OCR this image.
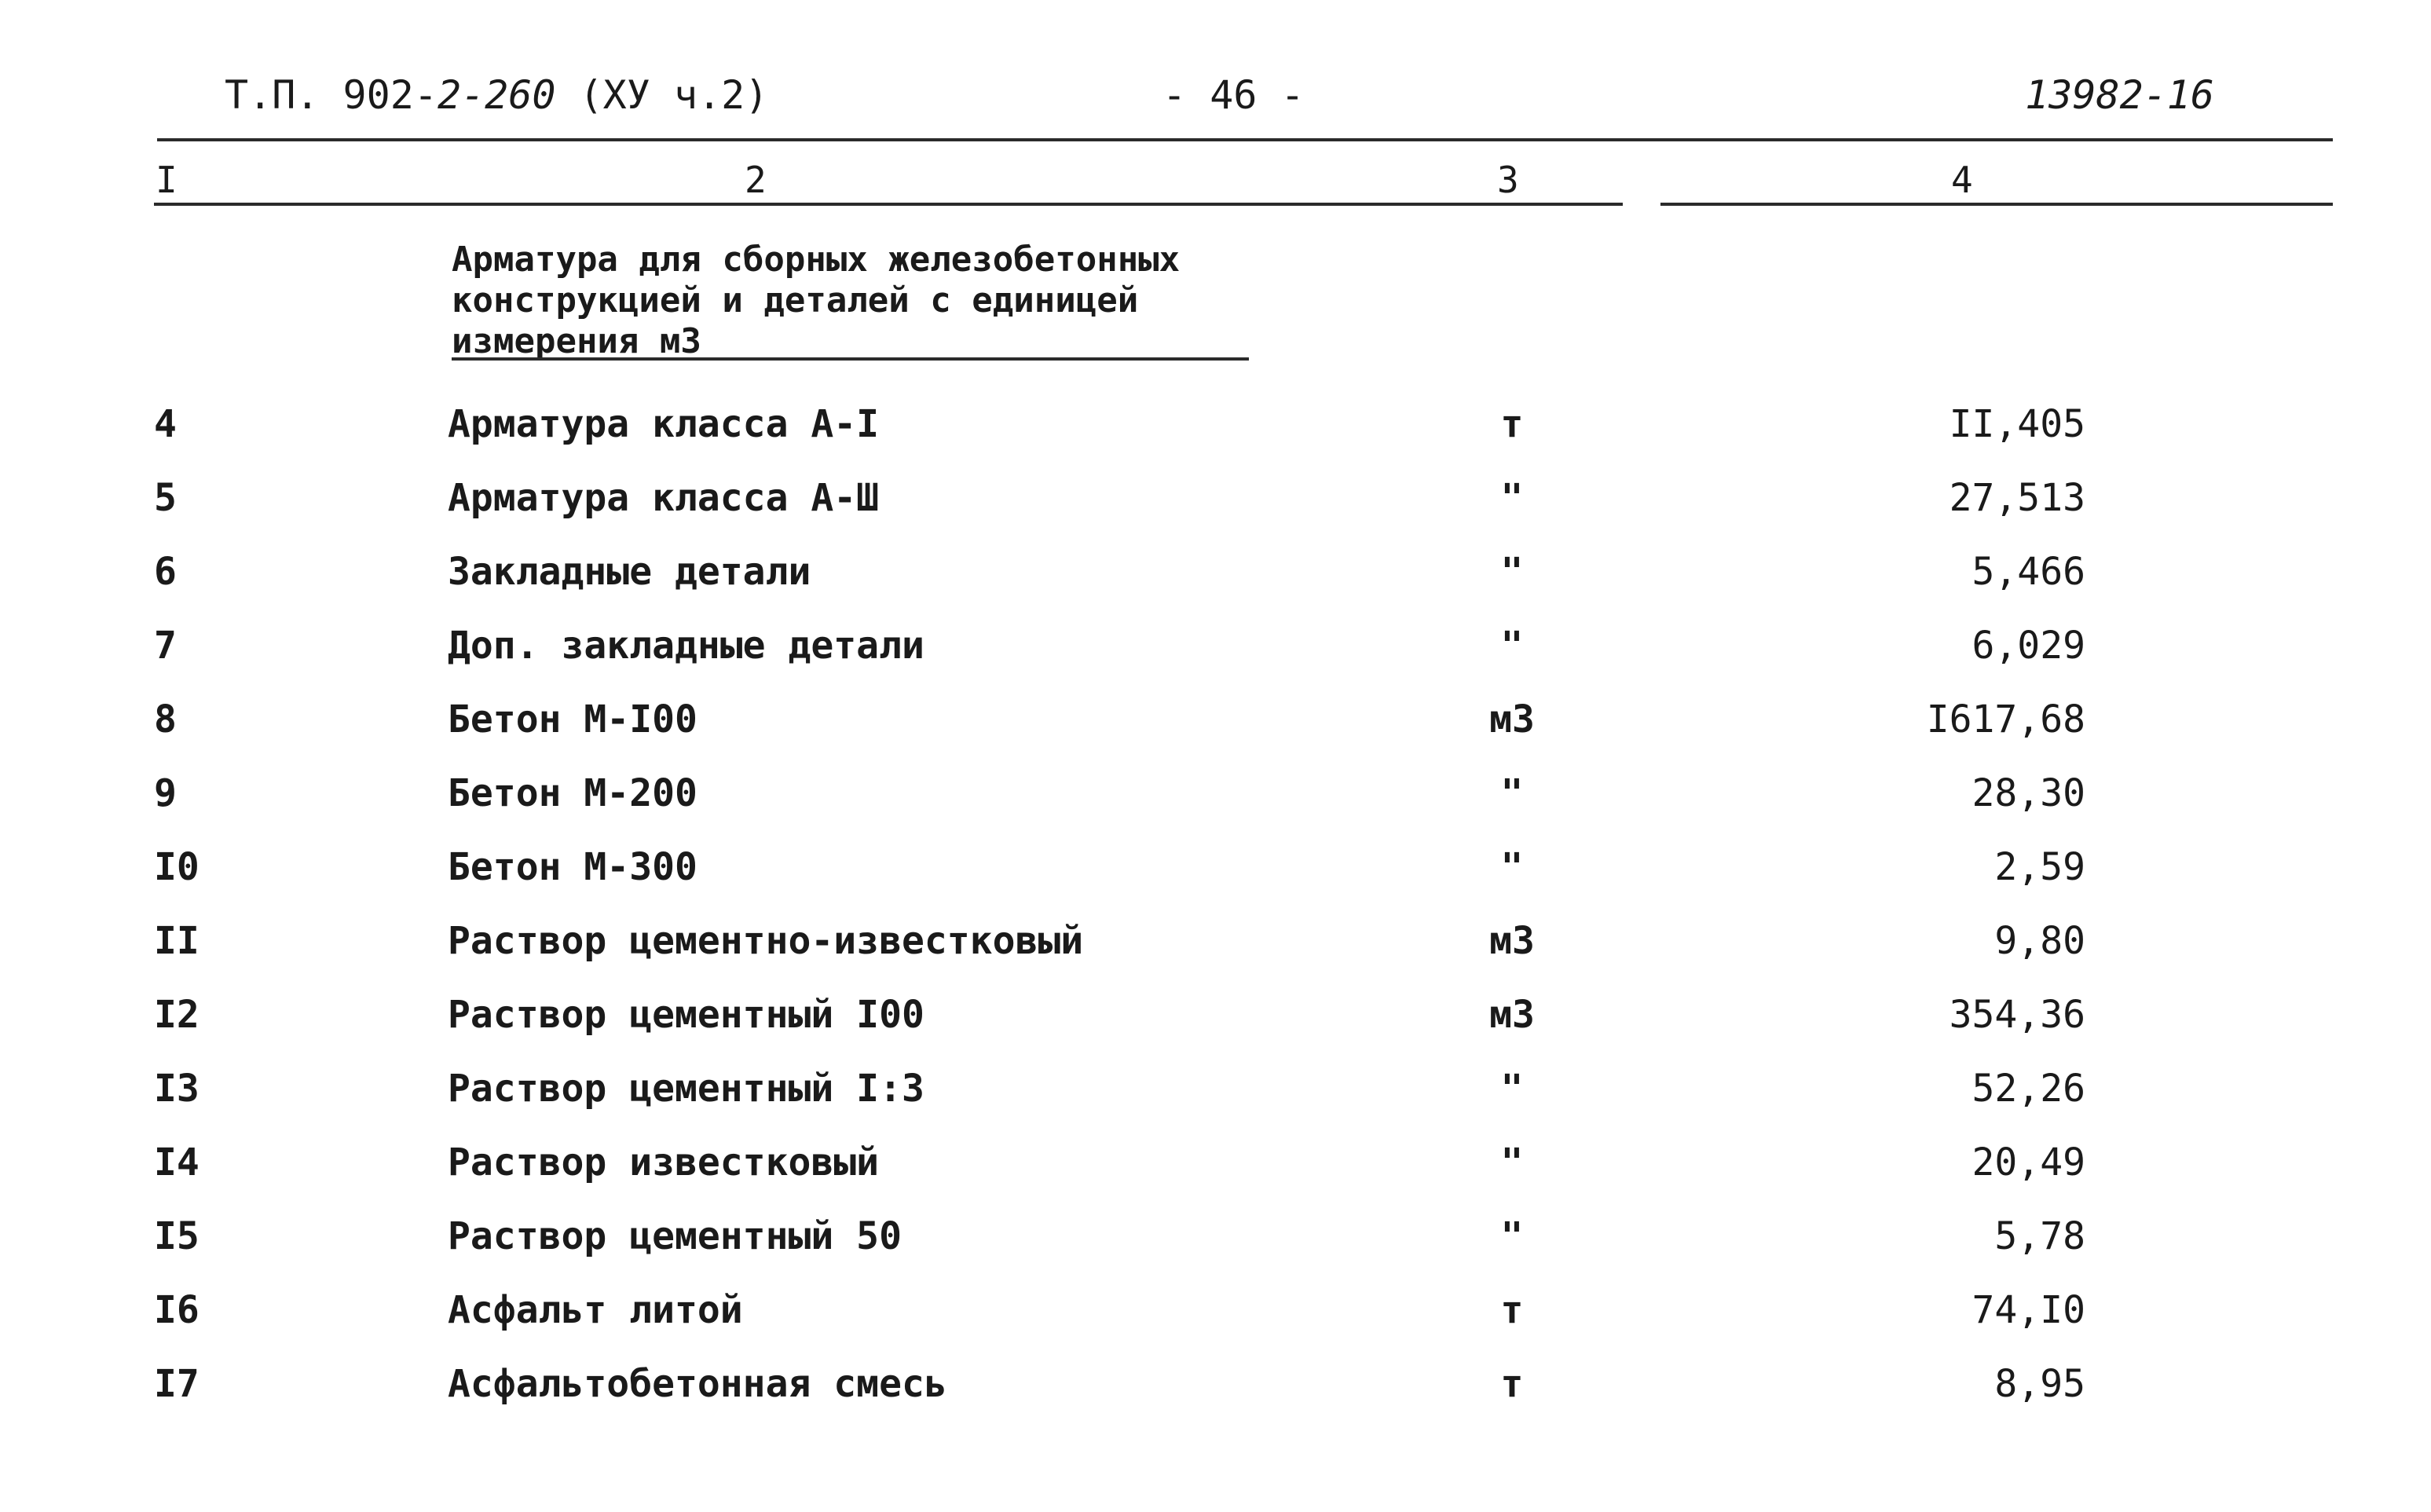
Т.П. 902-2-260 (ХУ ч.2)	- 46 -	13982-16
I	2	3	4
Арматура для сборных железобетонных
конструкцией и деталей с единицей
измерения м3
4	Арматура класса А-I	т	II,405
5	Арматура класса А-Ш	"	27,513
6	Закладные детали	"	5,466
7	Доп. закладные детали	"	6,029
8	Бетон М-I00	м3	I617,68
9	Бетон М-200	"	28,30
I0	Бетон М-300	"	2,59
II	Раствор цементно-известковый	м3	9,80
I2	Раствор цементный I00	м3	354,36
I3	Раствор цементный I:3	"	52,26
I4	Раствор известковый	"	20,49
I5	Раствор цементный 50	"	5,78
I6	Асфальт литой	т	74,I0
I7	Асфальтобетонная смесь	т	8,95
